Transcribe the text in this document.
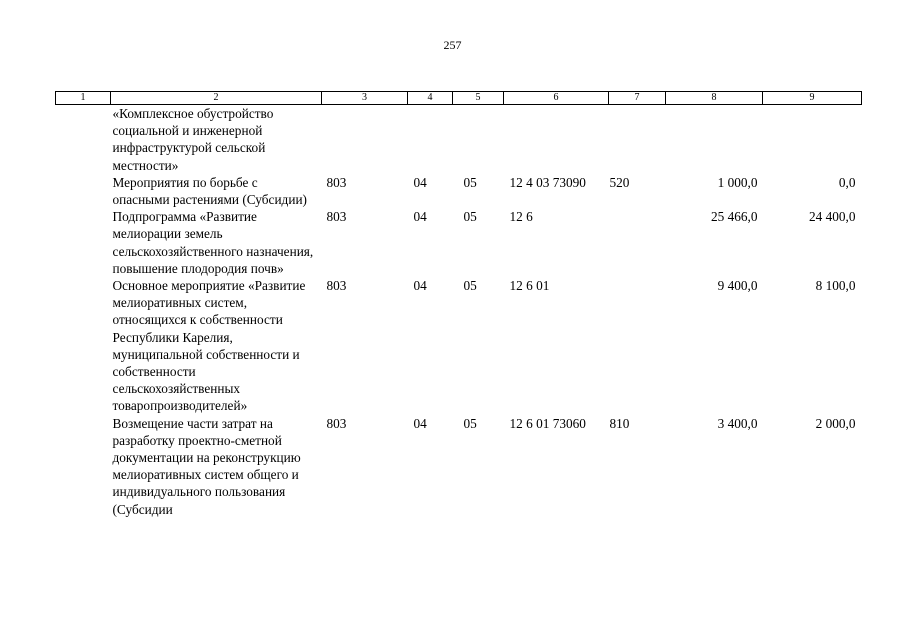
257
1	2	3	4	5	6	7	8	9
	«Комплексное обустройство социальной и инженерной инфраструктурой сельской местности»							
	Мероприятия по борьбе с опасными растениями (Субсидии)	803	04	05	12 4 03 73090	520	1 000,0	0,0
	Подпрограмма «Развитие мелиорации земель сельскохозяйственного назначения, повышение плодородия почв»	803	04	05	12 6		25 466,0	24 400,0
	Основное мероприятие «Развитие мелиоративных систем, относящихся к собственности Республики Карелия, муниципальной собственности и собственности сельскохозяйственных товаропроизводителей»	803	04	05	12 6 01		9 400,0	8 100,0
	Возмещение части затрат на разработку проектно-сметной документации на реконструкцию мелиоративных систем общего и индивидуального пользования (Субсидии	803	04	05	12 6 01 73060	810	3 400,0	2 000,0
